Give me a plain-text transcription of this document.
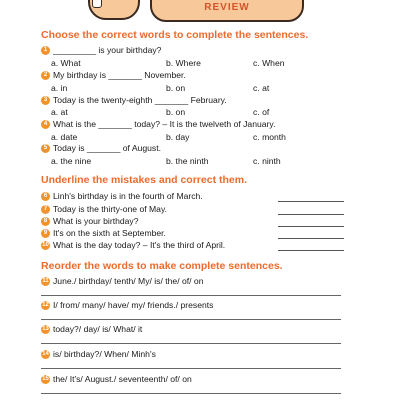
REVIEW
Choose the correct words to complete the sentences.
1 _________ is your birthday?
a. What	b. Where	c. When
2 My birthday is _______ November.
a. in	b. on	c. at
3 Today is the twenty-eighth _______ February.
a. at	b. on	c. of
4 What is the _______ today? – It is the twelveth of January.
a. date	b. day	c. month
5 Today is _______ of August.
a. the nine	b. the ninth	c. ninth
Underline the mistakes and correct them.
6 Linh's birthday is in the fourth of March.
7 Today is the thirty-one of May.
8 What is your birthday?
9 It's on the sixth at September.
10 What is the day today? – It's the third of April.
Reorder the words to make complete sentences.
11 June./ birthday/ tenth/ My/ is/ the/ of/ on
12 I/ from/ many/ have/ my/ friends./ presents
13 today?/ day/ is/ What/ it
14 is/ birthday?/ When/ Minh's
15 the/ It's/ August./ seventeenth/ of/ on
